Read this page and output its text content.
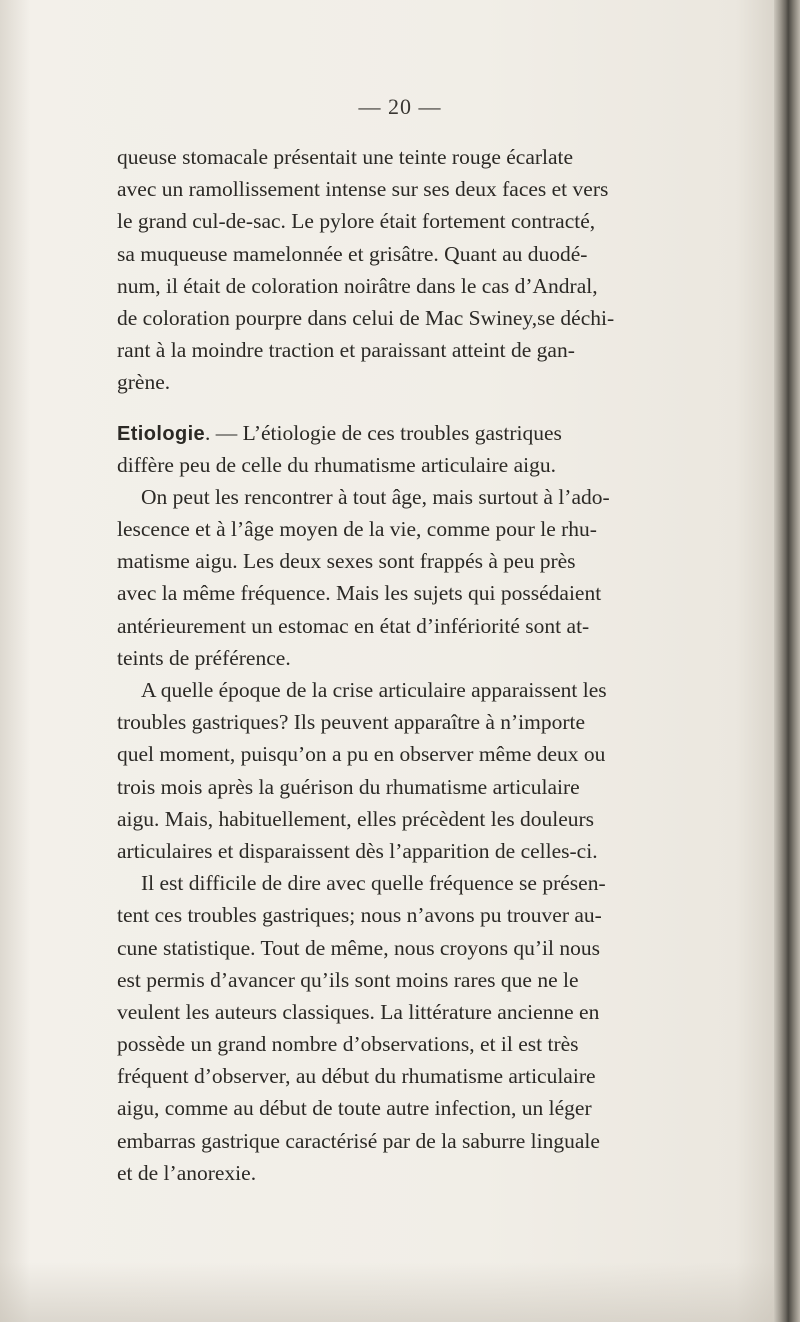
— 20 —
queuse stomacale présentait une teinte rouge écarlate
avec un ramollissement intense sur ses deux faces et vers
le grand cul-de-sac. Le pylore était fortement contracté,
sa muqueuse mamelonnée et grisâtre. Quant au duodé-
num, il était de coloration noirâtre dans le cas d’Andral,
de coloration pourpre dans celui de Mac Swiney,se déchi-
rant à la moindre traction et paraissant atteint de gan-
grène.
Etiologie. — L’étiologie de ces troubles gastriques
diffère peu de celle du rhumatisme articulaire aigu.
On peut les rencontrer à tout âge, mais surtout à l’ado-
lescence et à l’âge moyen de la vie, comme pour le rhu-
matisme aigu. Les deux sexes sont frappés à peu près
avec la même fréquence. Mais les sujets qui possédaient
antérieurement un estomac en état d’infériorité sont at-
teints de préférence.
A quelle époque de la crise articulaire apparaissent les
troubles gastriques? Ils peuvent apparaître à n’importe
quel moment, puisqu’on a pu en observer même deux ou
trois mois après la guérison du rhumatisme articulaire
aigu. Mais, habituellement, elles précèdent les douleurs
articulaires et disparaissent dès l’apparition de celles-ci.
Il est difficile de dire avec quelle fréquence se présen-
tent ces troubles gastriques; nous n’avons pu trouver au-
cune statistique. Tout de même, nous croyons qu’il nous
est permis d’avancer qu’ils sont moins rares que ne le
veulent les auteurs classiques. La littérature ancienne en
possède un grand nombre d’observations, et il est très
fréquent d’observer, au début du rhumatisme articulaire
aigu, comme au début de toute autre infection, un léger
embarras gastrique caractérisé par de la saburre linguale
et de l’anorexie.
